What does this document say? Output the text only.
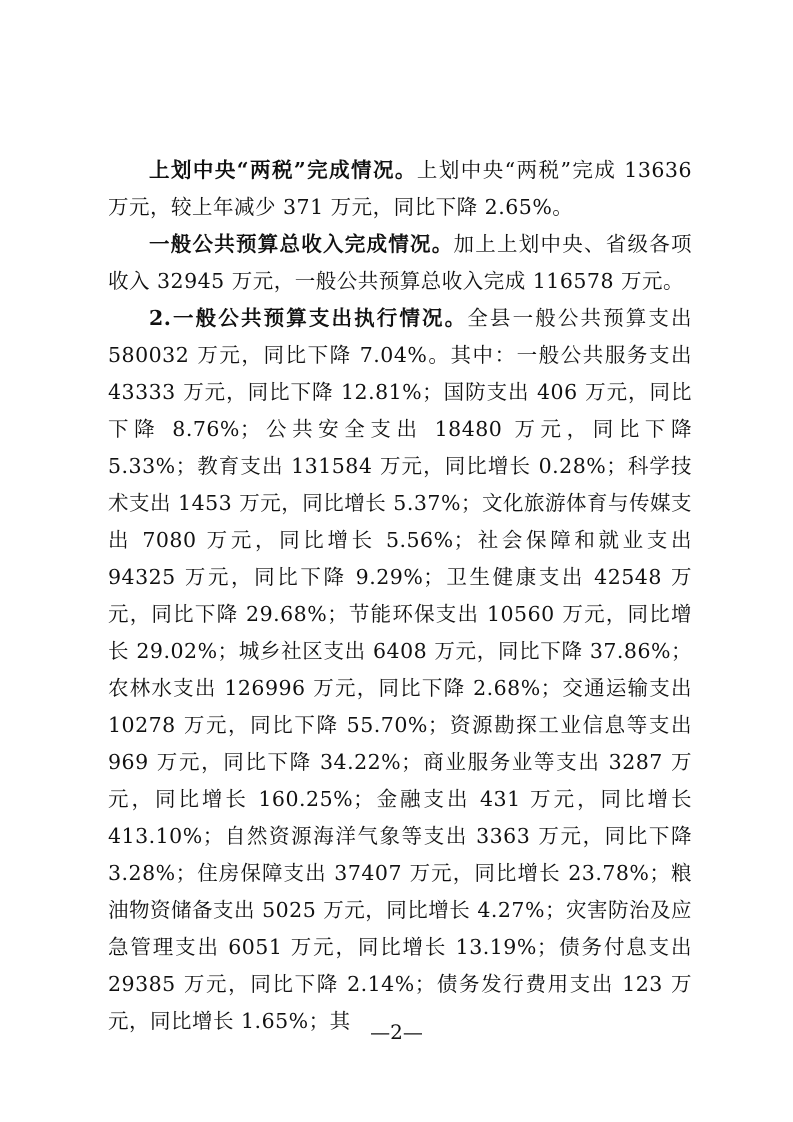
上划中央“两税”完成情况。上划中央“两税”完成 13636 万元，较上年减少 371 万元，同比下降 2.65%。

一般公共预算总收入完成情况。加上上划中央、省级各项收入 32945 万元，一般公共预算总收入完成 116578 万元。

2.一般公共预算支出执行情况。全县一般公共预算支出 580032 万元，同比下降 7.04%。其中：一般公共服务支出 43333 万元，同比下降 12.81%；国防支出 406 万元，同比下降 8.76%；公共安全支出 18480 万元，同比下降 5.33%；教育支出 131584 万元，同比增长 0.28%；科学技术支出 1453 万元，同比增长 5.37%；文化旅游体育与传媒支出 7080 万元，同比增长 5.56%；社会保障和就业支出 94325 万元，同比下降 9.29%；卫生健康支出 42548 万元，同比下降 29.68%；节能环保支出 10560 万元，同比增长 29.02%；城乡社区支出 6408 万元，同比下降 37.86%；农林水支出 126996 万元，同比下降 2.68%；交通运输支出 10278 万元，同比下降 55.70%；资源勘探工业信息等支出 969 万元，同比下降 34.22%；商业服务业等支出 3287 万元，同比增长 160.25%；金融支出 431 万元，同比增长 413.10%；自然资源海洋气象等支出 3363 万元，同比下降 3.28%；住房保障支出 37407 万元，同比增长 23.78%；粮油物资储备支出 5025 万元，同比增长 4.27%；灾害防治及应急管理支出 6051 万元，同比增长 13.19%；债务付息支出 29385 万元，同比下降 2.14%；债务发行费用支出 123 万元，同比增长 1.65%；其 —2—
